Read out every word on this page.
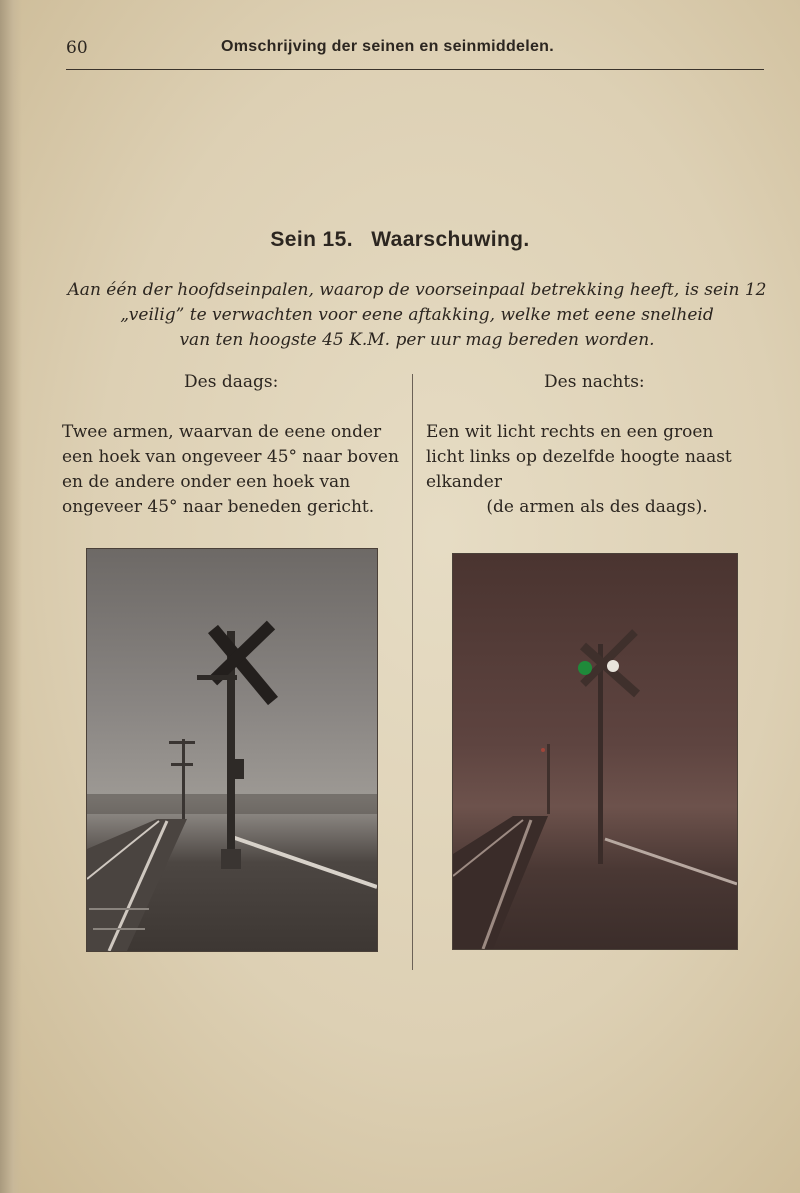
60	Omschrijving der seinen en seinmiddelen.
Sein 15. Waarschuwing.
Aan één der hoofdseinpalen, waarop de voorseinpaal betrekking heeft, is sein 12
„veilig” te verwachten voor eene aftakking, welke met eene snelheid
van ten hoogste 45 K.M. per uur mag bereden worden.
Des daags:	Des nachts:
Twee armen, waarvan de eene onder
een hoek van ongeveer 45° naar boven
en de andere onder een hoek van
ongeveer 45° naar beneden gericht.
Een wit licht rechts en een groen
licht links op dezelfde hoogte naast
elkander
(de armen als des daags).
